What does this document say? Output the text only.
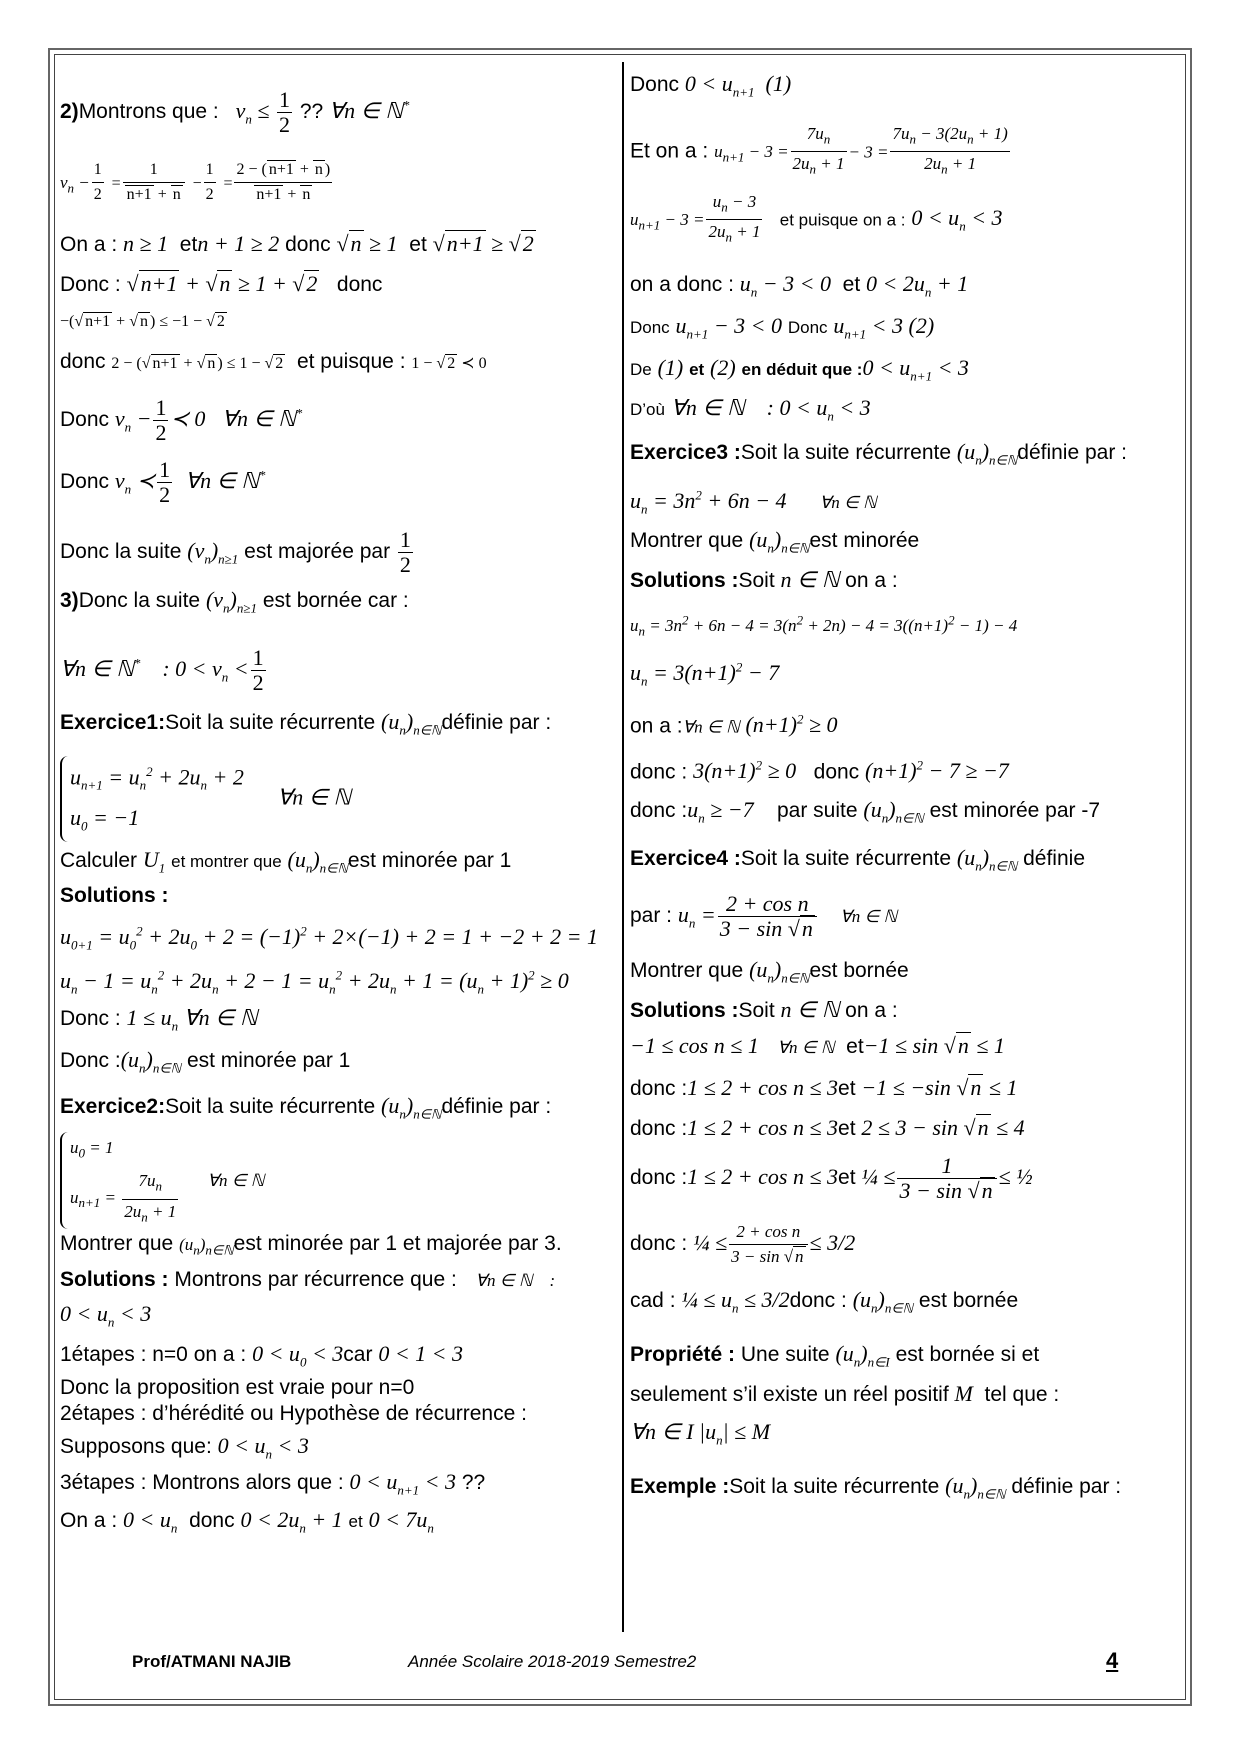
2)Montrons que :   $v_n \le \frac{1}{2}$ ?? ∀n ∈ ℕ*
$v_n - \frac{1}{2} = \frac{1}{n+1 + n} - \frac{1}{2} = \frac{2 - ( n+1 + n )}{n+1 + n}$
On a : n ≥ 1  etn + 1 ≥ 2 donc √n ≥ 1  et √n+1 ≥ √2
Donc : √n+1 + √n ≥ 1 + √2   donc
−(√ n+1 + √ n ) ≤ −1 − √ 2
donc 2 − (√ n+1 + √ n ) ≤ 1 − √ 2 et puisque : 1 − √ 2 ≺ 0
Donc $v_n - \frac{1}{2}$ ≺ 0   ∀n ∈ ℕ*
Donc $v_n$ ≺ $\frac{1}{2}$ ∀n ∈ ℕ*
Donc la suite $(v_n)_{n\ge 1}$ est majorée par $\frac{1}{2}$
3)Donc la suite $(v_n)_{n\ge 1}$ est bornée car :
∀n ∈ ℕ*    : $0 < v_n < \frac{1}{2}$
Exercice1:Soit la suite récurrente $(u_n)_{n\in ℕ}définie$ par :
$u_{n+1} = u_n^2 + 2u_n + 2$
$u_0 = -1$
∀n ∈ ℕ
Calculer $U_1$ et montrer que $(u_n)_{n\in ℕ}est$ minorée par 1
Solutions :
$u_{0+1} = u_0^2 + 2u_0 + 2 = (-1)^2 + 2\times(-1) + 2 = 1 + -2 + 2 = 1$
$u_n - 1 = u_n^2 + 2u_n + 2 - 1 = u_n^2 + 2u_n + 1 = (u_n + 1)^2 \ge 0$
Donc : $1 \le u_n$ ∀n ∈ ℕ
Donc $:(u_n)_{n\in ℕ}$ est minorée par 1
Exercice2:Soit la suite récurrente $(u_n)_{n\in ℕ}définie$ par :
$u_0 = 1$
$u_{n+1} = \frac{7u_n}{2u_n + 1}$ ∀n ∈ ℕ
Montrer que $(u_n)_{n\in ℕ}est$ minorée par 1 et majorée par 3.
Solutions : Montrons par récurrence que :    ∀n ∈ ℕ    :
$0 < u_n < 3$
1étapes : n=0 on a : $0 < u_0 < 3car$ 0 < 1 < 3
Donc la proposition est vraie pour n=0
2étapes : d’hérédité ou Hypothèse de récurrence :
Supposons que: $0 < u_n < 3$
3étapes : Montrons alors que : $0 < u_{n+1} < 3$ ??
On a : $0 < u_n$ donc $0 < 2u_n + 1$ et $0 < 7u_n$
Donc $0 < u_{n+1}$  (1)
Et on a : $u_{n+1} - 3 = \frac{7u_n}{2u_n + 1} - 3 = \frac{7u_n - 3(2u_n + 1)}{2u_n + 1}$
$u_{n+1} - 3 = \frac{u_n - 3}{2u_n + 1}$ et puisque on a : $0 < u_n < 3$
on a donc : $u_n - 3 < 0$ et $0 < 2u_n + 1$
Donc $u_{n+1} - 3 < 0$ Donc $u_{n+1} < 3$ (2)
De (1) et (2) en déduit que :0 < $u_{n+1} < 3$
D’où ∀n ∈ ℕ    : $0 < u_n < 3$
Exercice3 :Soit la suite récurrente $(u_n)_{n\in ℕ}définie$ par :
$u_n = 3n^2 + 6n - 4$      ∀n ∈ ℕ
Montrer que $(u_n)_{n\in ℕ}est$ minorée
Solutions :Soit n ∈ ℕ on a :
$u_n = 3n^2 + 6n - 4 = 3(n^2 + 2n) - 4 = 3((n+1)^2 - 1) - 4$
$u_n = 3(n+1)^2 - 7$
on a :∀n ∈ ℕ $(n+1)^2 \ge 0$
donc : $3(n+1)^2 \ge 0$   donc $(n+1)^2 - 7 \ge -7$
donc $:u_n \ge -7$ par suite $(u_n)_{n\in ℕ}$ est minorée par -7
Exercice4 :Soit la suite récurrente $(u_n)_{n\in ℕ}$ définie
par : $u_n = \frac{\text{2 + cos n}}{3 - \sin √n}$ ∀n ∈ ℕ
Montrer que $(u_n)_{n\in ℕ}est$ bornée
Solutions :Soit n ∈ ℕ on a :
−1 ≤ cos n ≤ 1    ∀n ∈ ℕ et−1 ≤ sin √n ≤ 1
donc :1 ≤ 2 + cos n ≤ 3et −1 ≤ −sin √n ≤ 1
donc :1 ≤ 2 + cos n ≤ 3et 2 ≤ 3 − sin √n ≤ 4
donc :1 ≤ 2 + cos n ≤ 3et ¼ ≤ $\frac{1}{3 - \sin √n}$ ≤ ½
donc : ¼ ≤ $\frac{\text{2 + cos n}}{3 - \sin √ n} \le 3/2$
cad : ¼ ≤ $u_n$ ≤ 3/2donc : $(u_n)_{n\in ℕ}$ est bornée
Propriété : Une suite $(u_n)_{n\in I}$ est bornée si et
seulement s’il existe un réel positif M tel que :
∀n ∈ I $|u_n| \le M$
Exemple :Soit la suite récurrente $(u_n)_{n\in ℕ}$ définie par :
Prof/ATMANI NAJIB	Année Scolaire 2018-2019 Semestre2	4
